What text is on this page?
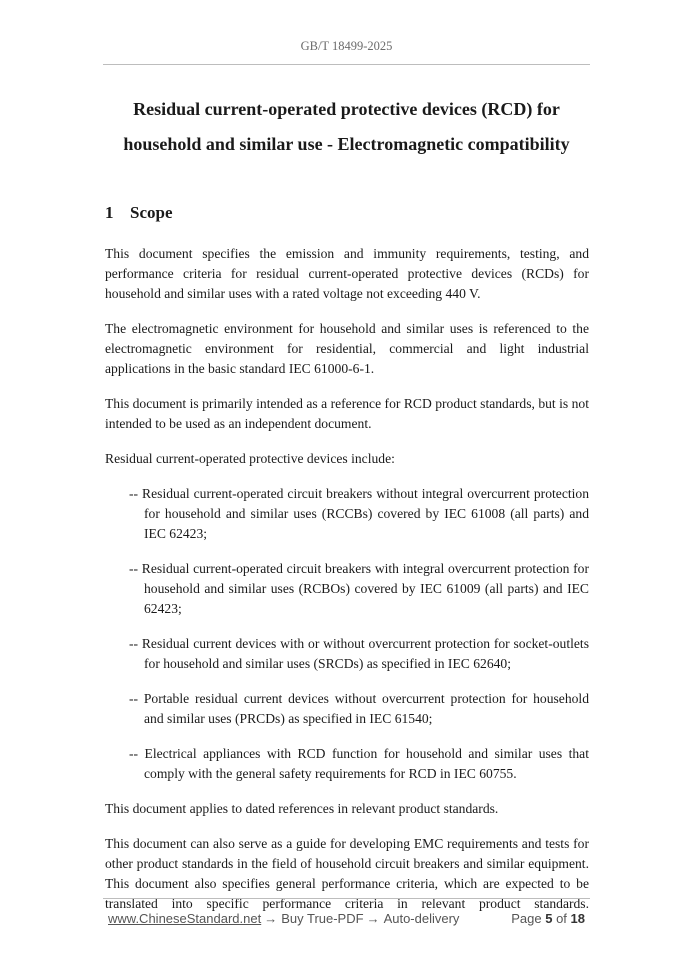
GB/T 18499-2025
Residual current-operated protective devices (RCD) for
household and similar use - Electromagnetic compatibility
1 Scope

This document specifies the emission and immunity requirements, testing, and performance criteria for residual current-operated protective devices (RCDs) for household and similar uses with a rated voltage not exceeding 440 V.

The electromagnetic environment for household and similar uses is referenced to the electromagnetic environment for residential, commercial and light industrial applications in the basic standard IEC 61000-6-1.

This document is primarily intended as a reference for RCD product standards, but is not intended to be used as an independent document.

Residual current-operated protective devices include:

-- Residual current-operated circuit breakers without integral overcurrent protection for household and similar uses (RCCBs) covered by IEC 61008 (all parts) and IEC 62423;
-- Residual current-operated circuit breakers with integral overcurrent protection for household and similar uses (RCBOs) covered by IEC 61009 (all parts) and IEC 62423;
-- Residual current devices with or without overcurrent protection for socket-outlets for household and similar uses (SRCDs) as specified in IEC 62640;
-- Portable residual current devices without overcurrent protection for household and similar uses (PRCDs) as specified in IEC 61540;
-- Electrical appliances with RCD function for household and similar uses that comply with the general safety requirements for RCD in IEC 60755.

This document applies to dated references in relevant product standards.

This document can also serve as a guide for developing EMC requirements and tests for other product standards in the field of household circuit breakers and similar equipment. This document also specifies general performance criteria, which are expected to be translated into specific performance criteria in relevant product standards.

www.ChineseStandard.net → Buy True-PDF → Auto-delivery	Page 5 of 18
